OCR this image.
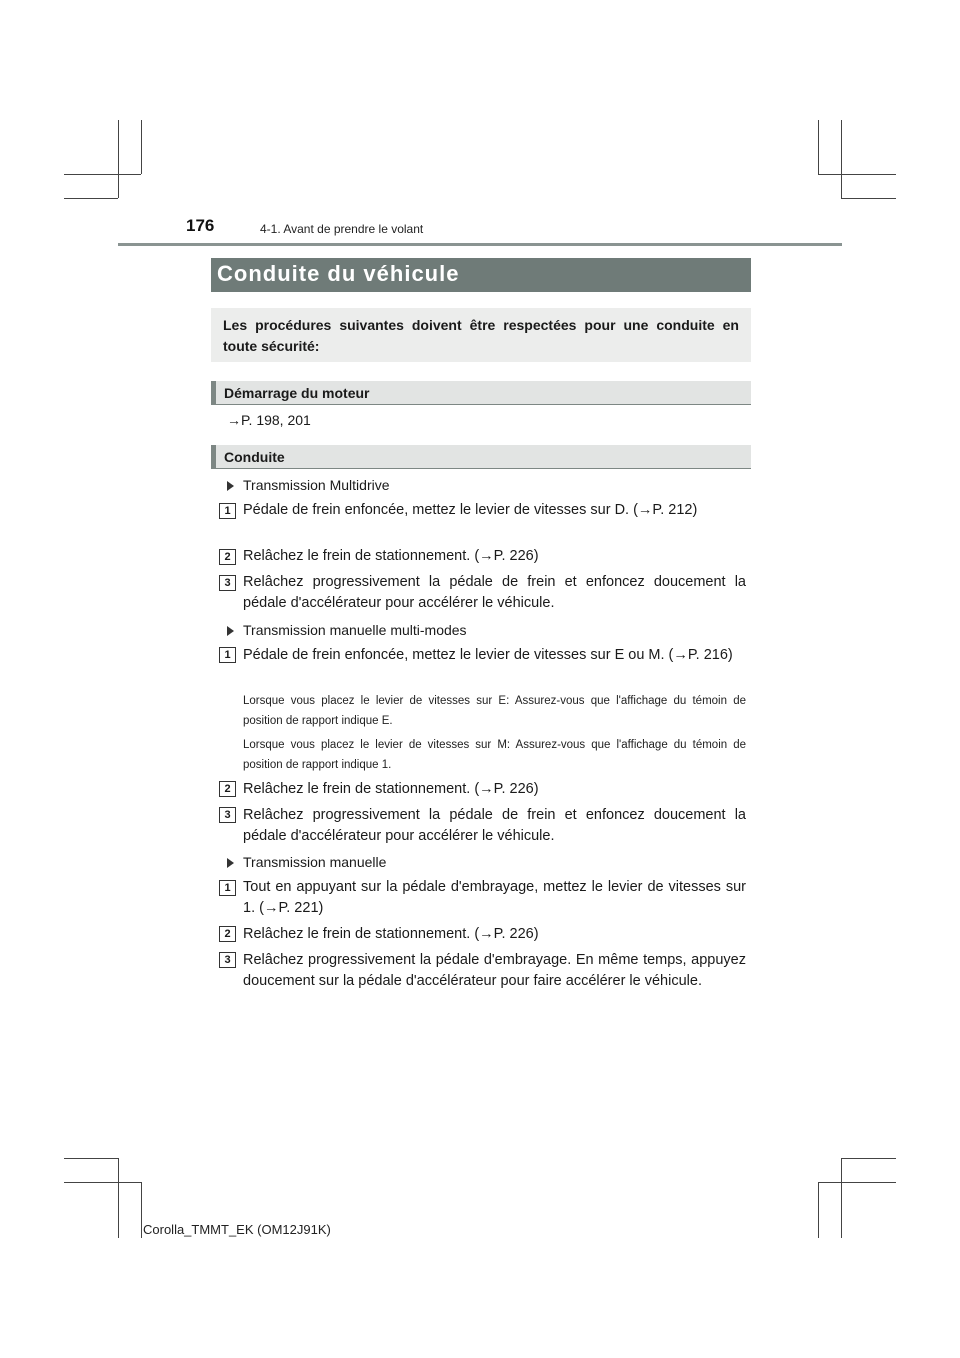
176	4-1. Avant de prendre le volant
Conduite du véhicule
Les procédures suivantes doivent être respectées pour une conduite en toute sécurité:
Démarrage du moteur
→P. 198, 201
Conduite
Transmission Multidrive
1 Pédale de frein enfoncée, mettez le levier de vitesses sur D. (→P. 212)
2 Relâchez le frein de stationnement. (→P. 226)
3 Relâchez progressivement la pédale de frein et enfoncez doucement la pédale d'accélérateur pour accélérer le véhicule.
Transmission manuelle multi-modes
1 Pédale de frein enfoncée, mettez le levier de vitesses sur E ou M. (→P. 216)
Lorsque vous placez le levier de vitesses sur E: Assurez-vous que l'affichage du témoin de position de rapport indique E.
Lorsque vous placez le levier de vitesses sur M: Assurez-vous que l'affichage du témoin de position de rapport indique 1.
2 Relâchez le frein de stationnement. (→P. 226)
3 Relâchez progressivement la pédale de frein et enfoncez doucement la pédale d'accélérateur pour accélérer le véhicule.
Transmission manuelle
1 Tout en appuyant sur la pédale d'embrayage, mettez le levier de vitesses sur 1. (→P. 221)
2 Relâchez le frein de stationnement. (→P. 226)
3 Relâchez progressivement la pédale d'embrayage. En même temps, appuyez doucement sur la pédale d'accélérateur pour faire accélérer le véhicule.
Corolla_TMMT_EK (OM12J91K)
